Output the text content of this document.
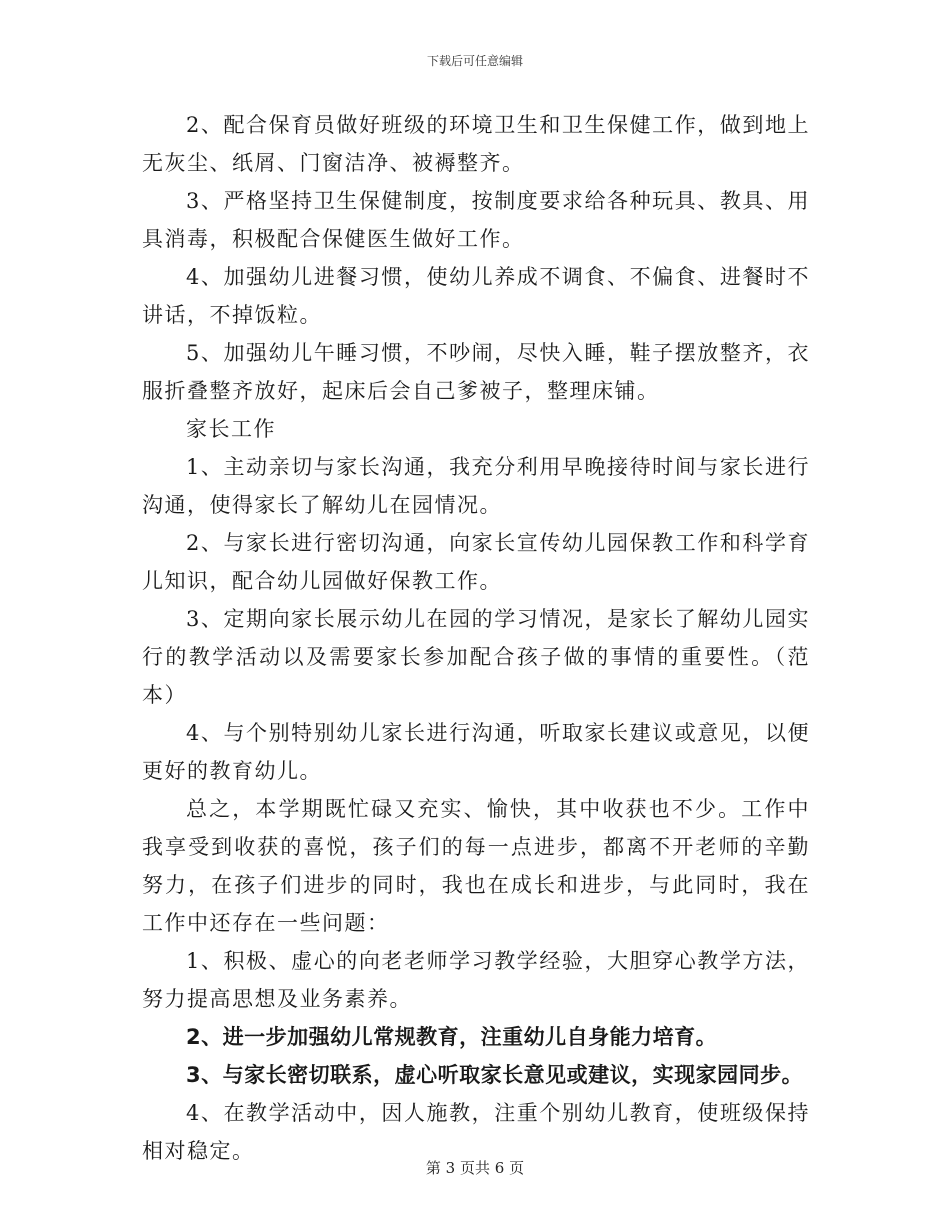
下载后可任意编辑

2、配合保育员做好班级的环境卫生和卫生保健工作，做到地上无灰尘、纸屑、门窗洁净、被褥整齐。

3、严格坚持卫生保健制度，按制度要求给各种玩具、教具、用具消毒，积极配合保健医生做好工作。

4、加强幼儿进餐习惯，使幼儿养成不调食、不偏食、进餐时不讲话，不掉饭粒。

5、加强幼儿午睡习惯，不吵闹，尽快入睡，鞋子摆放整齐，衣服折叠整齐放好，起床后会自己爹被子，整理床铺。

家长工作

1、主动亲切与家长沟通，我充分利用早晚接待时间与家长进行沟通，使得家长了解幼儿在园情况。

2、与家长进行密切沟通，向家长宣传幼儿园保教工作和科学育儿知识，配合幼儿园做好保教工作。

3、定期向家长展示幼儿在园的学习情况，是家长了解幼儿园实行的教学活动以及需要家长参加配合孩子做的事情的重要性。（范本）

4、与个别特别幼儿家长进行沟通，听取家长建议或意见，以便更好的教育幼儿。

总之，本学期既忙碌又充实、愉快，其中收获也不少。工作中我享受到收获的喜悦，孩子们的每一点进步，都离不开老师的辛勤努力，在孩子们进步的同时，我也在成长和进步，与此同时，我在工作中还存在一些问题：

1、积极、虚心的向老老师学习教学经验，大胆穿心教学方法，努力提高思想及业务素养。

2、进一步加强幼儿常规教育，注重幼儿自身能力培育。

3、与家长密切联系，虚心听取家长意见或建议，实现家园同步。

4、在教学活动中，因人施教，注重个别幼儿教育，使班级保持相对稳定。

第 3 页共 6 页
